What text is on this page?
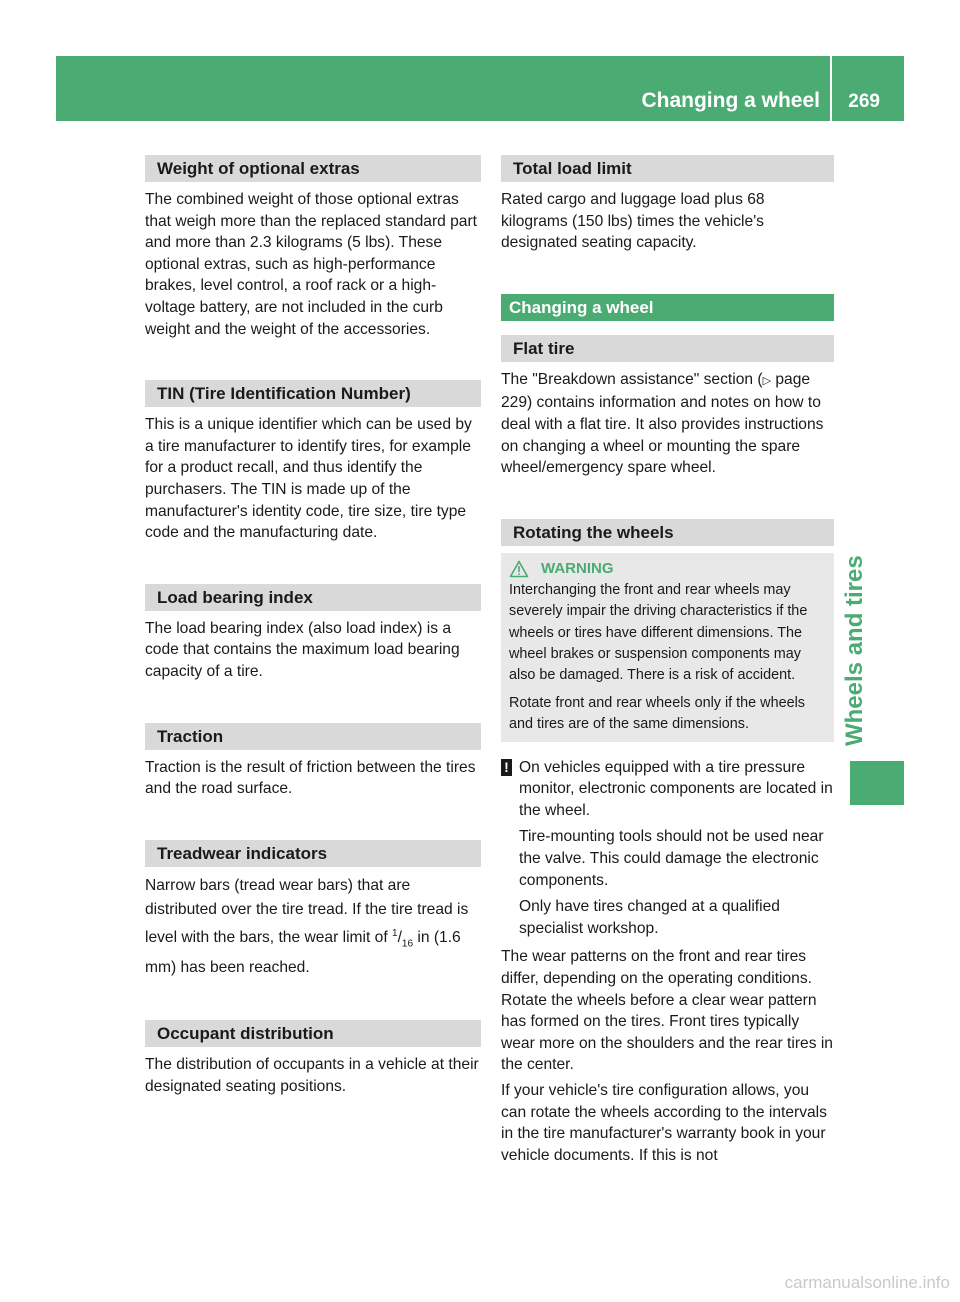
Changing a wheel 269
Wheels and tires
Weight of optional extras

The combined weight of those optional extras that weigh more than the replaced standard part and more than 2.3 kilograms (5 lbs). These optional extras, such as high-performance brakes, level control, a roof rack or a high-voltage battery, are not included in the curb weight and the weight of the accessories.

TIN (Tire Identification Number)

This is a unique identifier which can be used by a tire manufacturer to identify tires, for example for a product recall, and thus identify the purchasers. The TIN is made up of the manufacturer's identity code, tire size, tire type code and the manufacturing date.

Load bearing index

The load bearing index (also load index) is a code that contains the maximum load bearing capacity of a tire.

Traction

Traction is the result of friction between the tires and the road surface.

Treadwear indicators

Narrow bars (tread wear bars) that are distributed over the tire tread. If the tire tread is level with the bars, the wear limit of $^1/_{16}$ in (1.6 mm) has been reached.

Occupant distribution

The distribution of occupants in a vehicle at their designated seating positions.

Total load limit

Rated cargo and luggage load plus 68 kilograms (150 lbs) times the vehicle's designated seating capacity.

Changing a wheel
Flat tire

The "Breakdown assistance" section (▷ page 229) contains information and notes on how to deal with a flat tire. It also provides instructions on changing a wheel or mounting the spare wheel/emergency spare wheel.

Rotating the wheels
WARNING

Interchanging the front and rear wheels may severely impair the driving characteristics if the wheels or tires have different dimensions. The wheel brakes or suspension components may also be damaged. There is a risk of accident.

Rotate front and rear wheels only if the wheels and tires are of the same dimensions.

! On vehicles equipped with a tire pressure monitor, electronic components are located in the wheel.

Tire-mounting tools should not be used near the valve. This could damage the electronic components.

Only have tires changed at a qualified specialist workshop.

The wear patterns on the front and rear tires differ, depending on the operating conditions. Rotate the wheels before a clear wear pattern has formed on the tires. Front tires typically wear more on the shoulders and the rear tires in the center.

If your vehicle's tire configuration allows, you can rotate the wheels according to the intervals in the tire manufacturer's warranty book in your vehicle documents. If this is not

carmanualsonline.info
